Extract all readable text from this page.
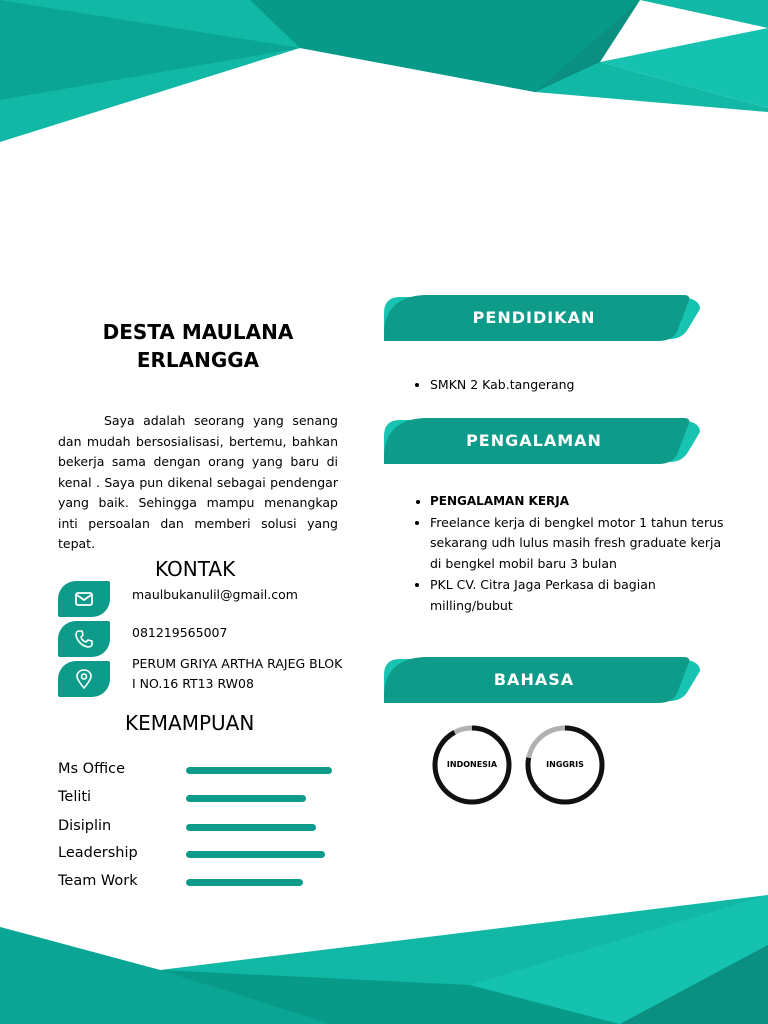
DESTA MAULANA
ERLANGGA

Saya adalah seorang yang senang dan mudah bersosialisasi, bertemu, bahkan bekerja sama dengan orang yang baru di kenal . Saya pun dikenal sebagai pendengar yang baik. Sehingga mampu menangkap inti persoalan dan memberi solusi yang tepat.

KONTAK
maulbukanulil@gmail.com
081219565007
PERUM GRIYA ARTHA RAJEG BLOK I NO.16 RT13 RW08
KEMAMPUAN
Ms Office
Teliti
Disiplin
Leadership
Team Work
PENDIDIKAN
• SMKN 2 Kab.tangerang
PENGALAMAN
• PENGALAMAN KERJA
• Freelance kerja di bengkel motor 1 tahun terus sekarang udh lulus masih fresh graduate kerja di bengkel mobil baru 3 bulan
• PKL CV. Citra Jaga Perkasa di bagian milling/bubut
BAHASA
INDONESIA	INGGRIS
